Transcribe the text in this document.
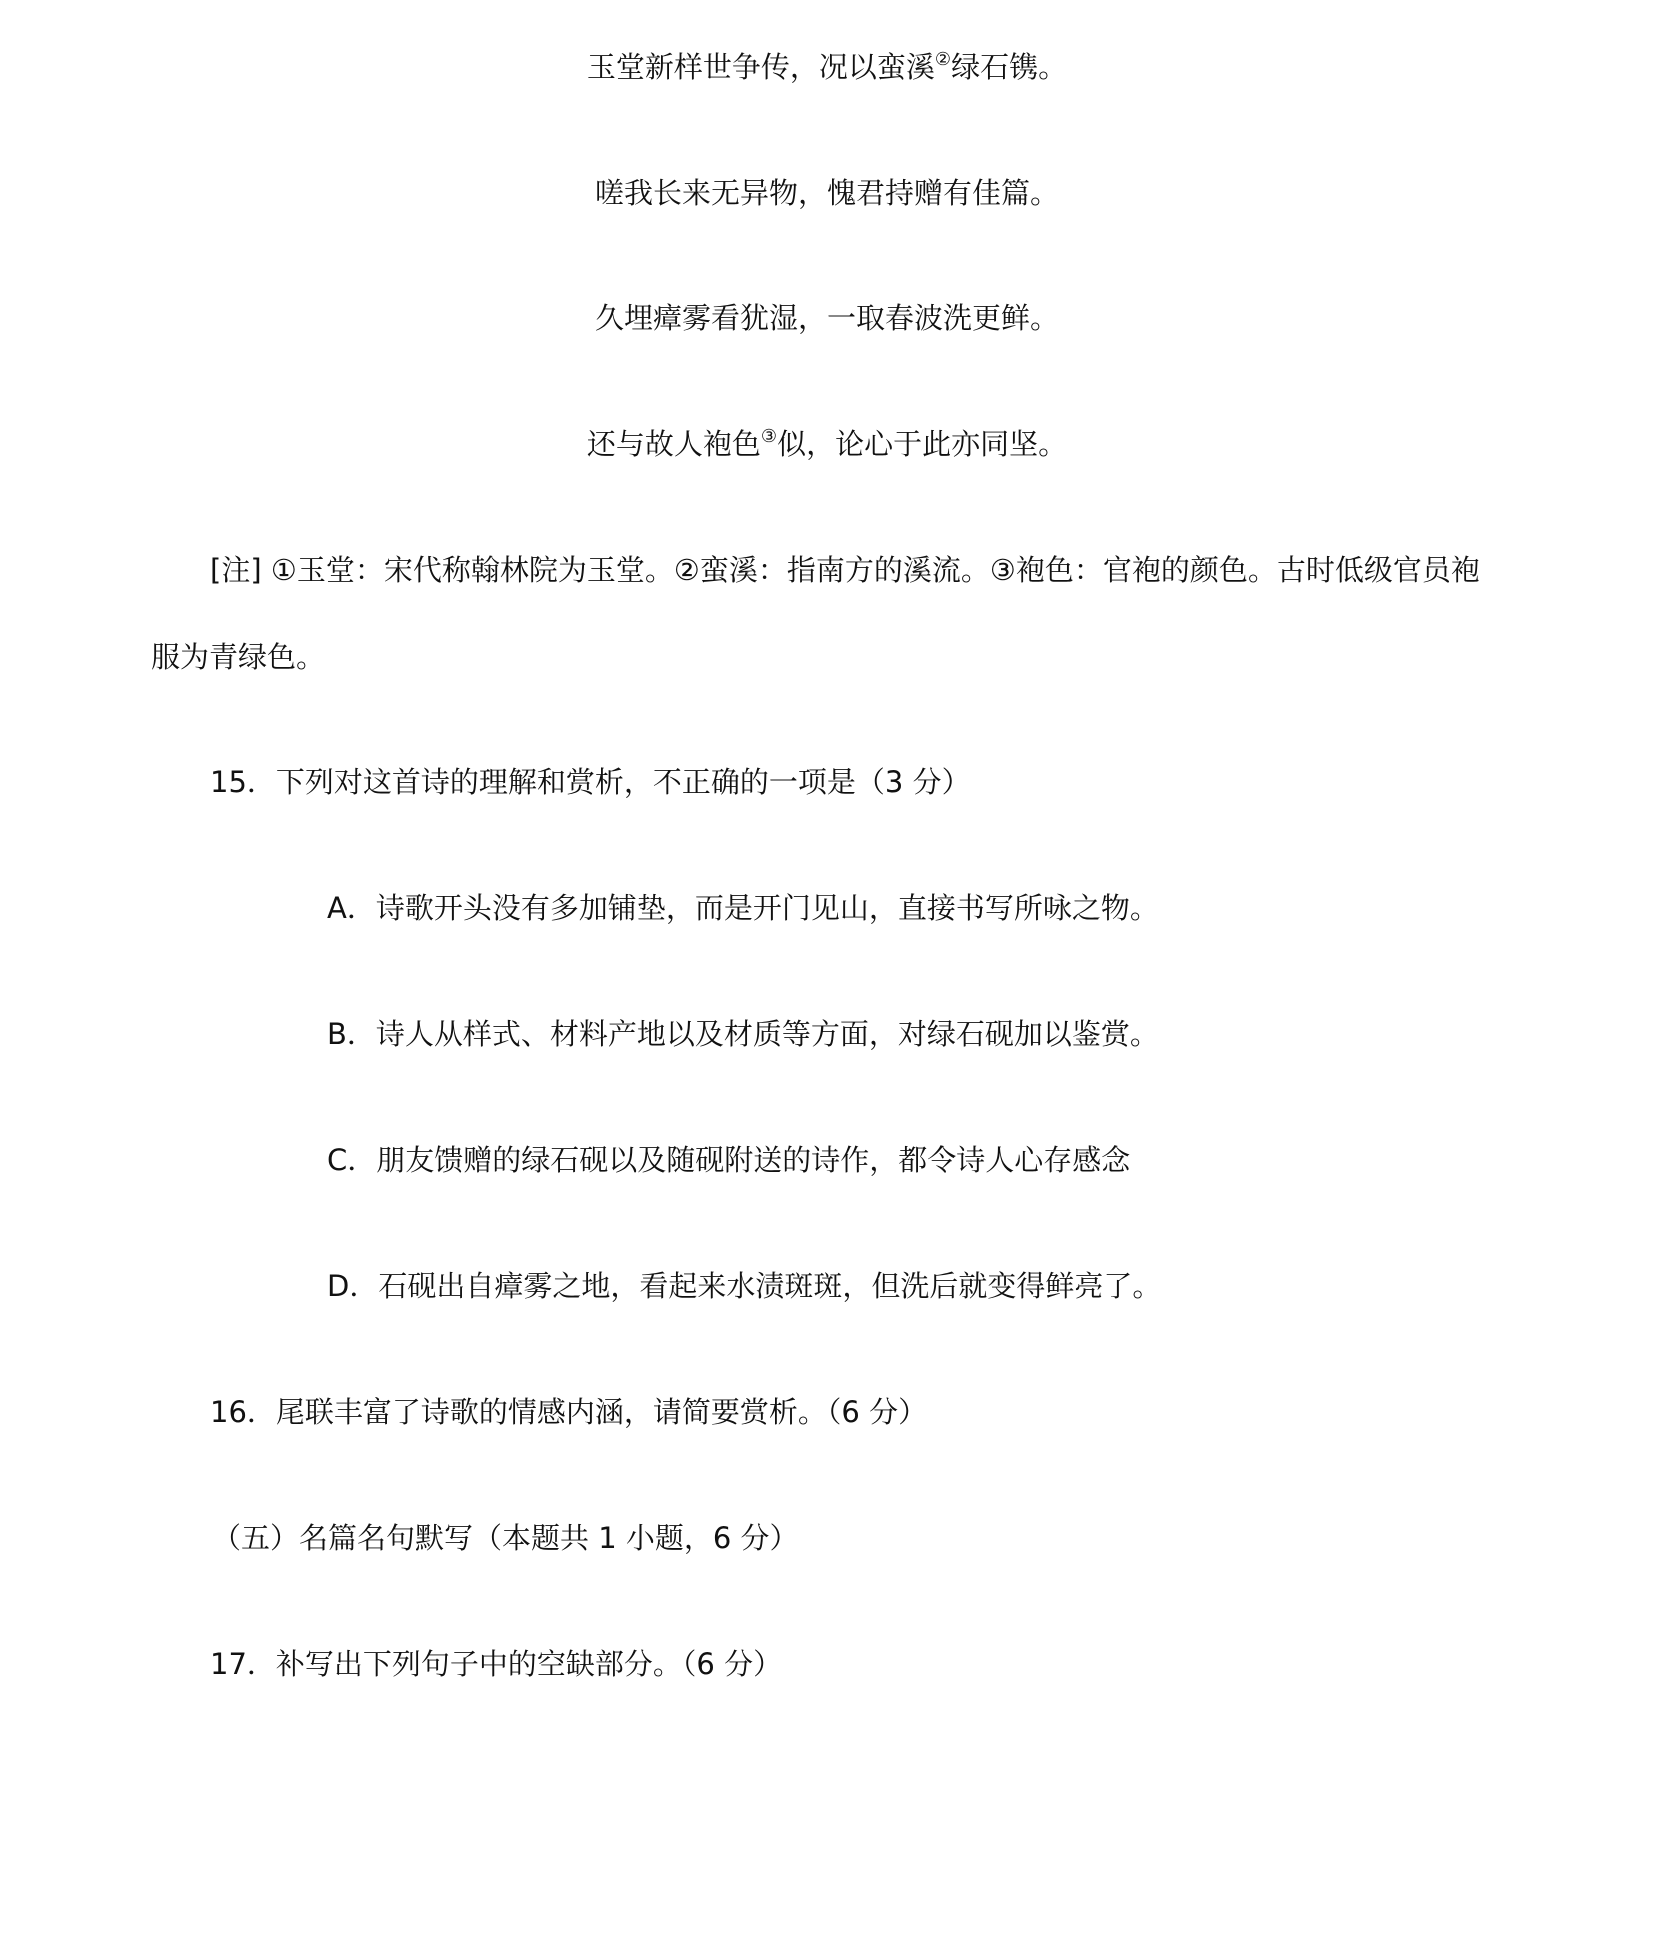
玉堂新样世争传，况以蛮溪②绿石镌。

嗟我长来无异物，愧君持赠有佳篇。

久埋瘴雾看犹湿，一取春波洗更鲜。

还与故人袍色③似，论心于此亦同坚。

[注] ①玉堂：宋代称翰林院为玉堂。②蛮溪：指南方的溪流。③袍色：官袍的颜色。古时低级官员袍

服为青绿色。

15．下列对这首诗的理解和赏析，不正确的一项是（3 分）

A．诗歌开头没有多加铺垫，而是开门见山，直接书写所咏之物。

B．诗人从样式、材料产地以及材质等方面，对绿石砚加以鉴赏。

C．朋友馈赠的绿石砚以及随砚附送的诗作，都令诗人心存感念

D．石砚出自瘴雾之地，看起来水渍斑斑，但洗后就变得鲜亮了。

16．尾联丰富了诗歌的情感内涵，请简要赏析。（6 分）

（五）名篇名句默写（本题共 1 小题，6 分）

17．补写出下列句子中的空缺部分。（6 分）
